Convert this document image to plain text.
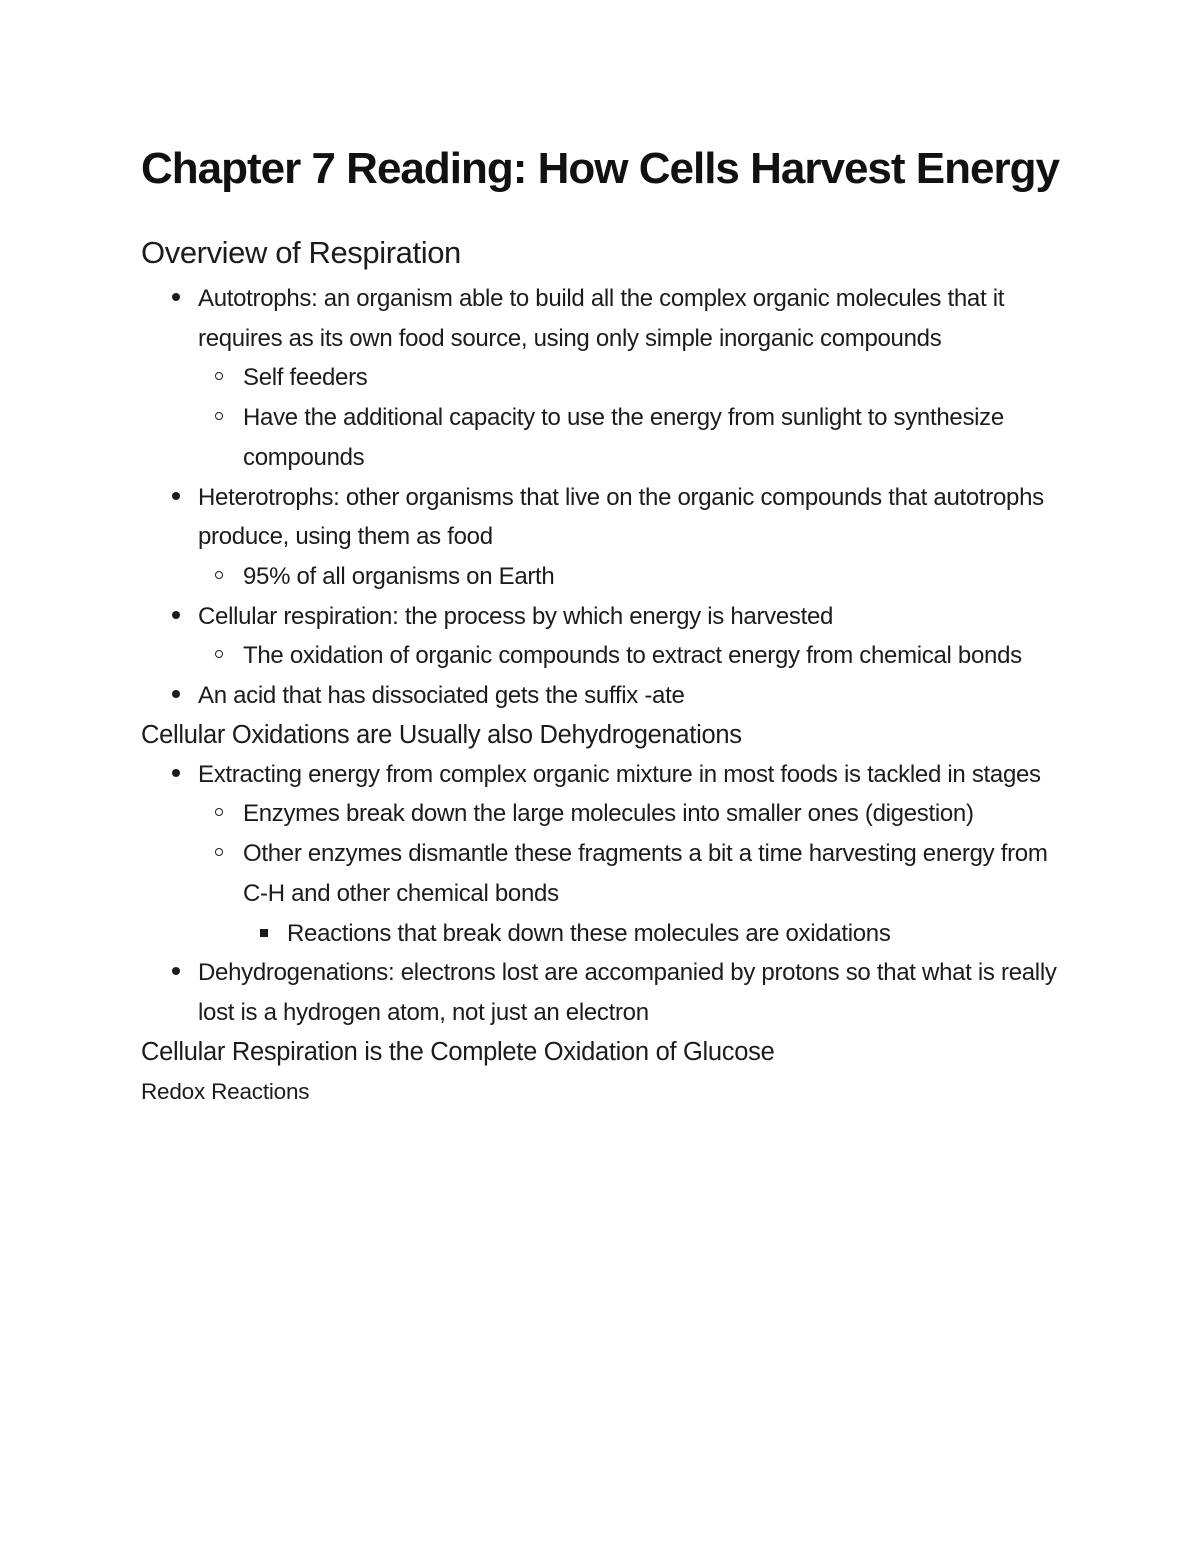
Chapter 7 Reading: How Cells Harvest Energy
Overview of Respiration
Autotrophs: an organism able to build all the complex organic molecules that it requires as its own food source, using only simple inorganic compounds
Self feeders
Have the additional capacity to use the energy from sunlight to synthesize compounds
Heterotrophs: other organisms that live on the organic compounds that autotrophs produce, using them as food
95% of all organisms on Earth
Cellular respiration: the process by which energy is harvested
The oxidation of organic compounds to extract energy from chemical bonds
An acid that has dissociated gets the suffix -ate
Cellular Oxidations are Usually also Dehydrogenations
Extracting energy from complex organic mixture in most foods is tackled in stages
Enzymes break down the large molecules into smaller ones (digestion)
Other enzymes dismantle these fragments a bit a time harvesting energy from C-H and other chemical bonds
Reactions that break down these molecules are oxidations
Dehydrogenations: electrons lost are accompanied by protons so that what is really lost is a hydrogen atom, not just an electron
Cellular Respiration is the Complete Oxidation of Glucose
Redox Reactions
